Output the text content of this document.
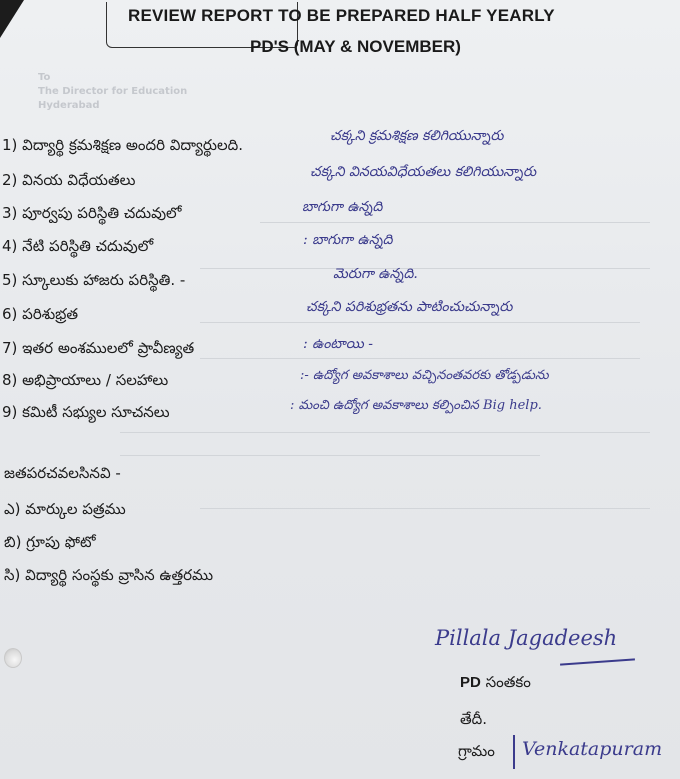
REVIEW REPORT TO BE PREPARED HALF YEARLY
PD'S (MAY & NOVEMBER)
To
The Director for Education
Hyderabad
1) విద్యార్థి క్రమశిక్షణ అందరి విద్యార్థులది.
2) వినయ విధేయతలు
3) పూర్వపు పరిస్థితి చదువులో
4) నేటి పరిస్థితి చదువులో
5) స్కూలుకు హాజరు పరిస్థితి. -
6) పరిశుభ్రత
7) ఇతర అంశములలో ప్రావీణ్యత
8) అభిప్రాయాలు / సలహాలు
9) కమిటీ సభ్యుల సూచనలు
చక్కని క్రమశిక్షణ కలిగియున్నారు
చక్కని వినయవిధేయతలు కలిగియున్నారు
బాగుగా ఉన్నది
: బాగుగా ఉన్నది
మెరుగా ఉన్నది.
చక్కని పరిశుభ్రతను పాటించుచున్నారు
: ఉంటాయి -
:- ఉద్యోగ అవకాశాలు వచ్చినంతవరకు తోడ్పడును
: మంచి ఉద్యోగ అవకాశాలు కల్పించిన Big help.
జతపరచవలసినవి -
ఎ) మార్కుల పత్రము
బి) గ్రూపు ఫోటో
సి) విద్యార్థి సంస్థకు వ్రాసిన ఉత్తరము
Pillala Jagadeesh
PD సంతకం
తేదీ.
గ్రామం Venkatapuram
